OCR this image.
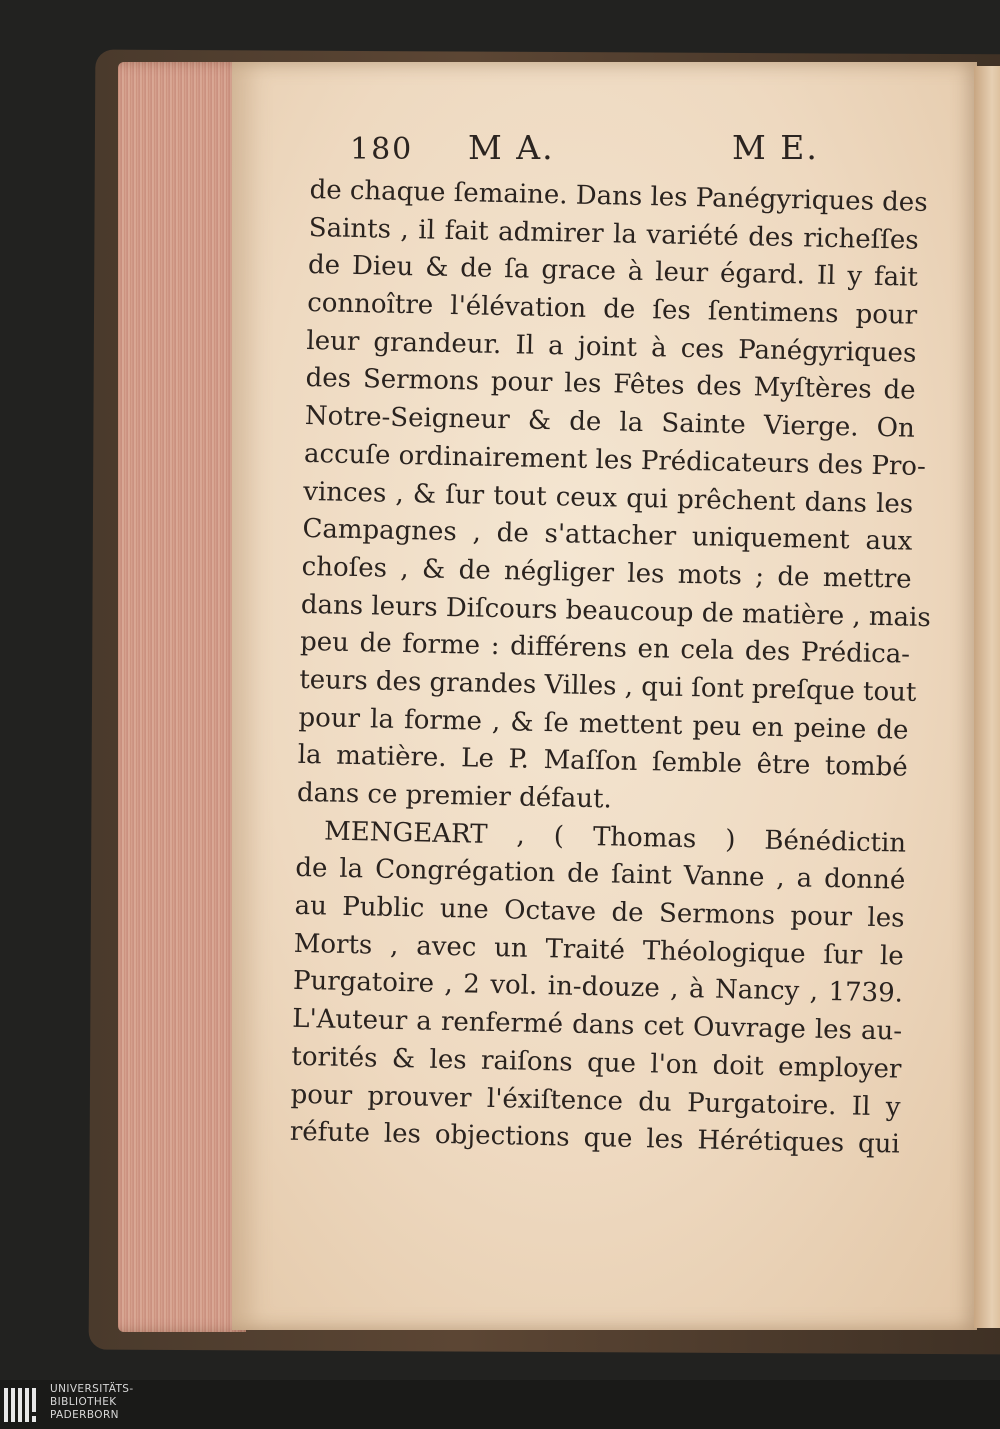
180 M A.	M E.
de chaque ſemaine. Dans les Panégyriques des
Saints , il fait admirer la variété des richeſſes
de Dieu & de ſa grace à leur égard. Il y fait
connoître l'élévation de ſes ſentimens pour
leur grandeur. Il a joint à ces Panégyriques
des Sermons pour les Fêtes des Myſtères de
Notre-Seigneur & de la Sainte Vierge. On
accuſe ordinairement les Prédicateurs des Pro-
vinces , & ſur tout ceux qui prêchent dans les
Campagnes , de s'attacher uniquement aux
choſes , & de négliger les mots ; de mettre
dans leurs Diſcours beaucoup de matière , mais
peu de forme : différens en cela des Prédica-
teurs des grandes Villes , qui ſont preſque tout
pour la forme , & ſe mettent peu en peine de
la matière. Le P. Maſſon ſemble être tombé
dans ce premier défaut.
MENGEART , ( Thomas ) Bénédictin
de la Congrégation de ſaint Vanne , a donné
au Public une Octave de Sermons pour les
Morts , avec un Traité Théologique ſur le
Purgatoire , 2 vol. in-douze , à Nancy , 1739.
L'Auteur a renfermé dans cet Ouvrage les au-
torités & les raiſons que l'on doit employer
pour prouver l'éxiſtence du Purgatoire. Il y
réfute les objections que les Hérétiques qui
UNIVERSITÄTS-
BIBLIOTHEK
PADERBORN
